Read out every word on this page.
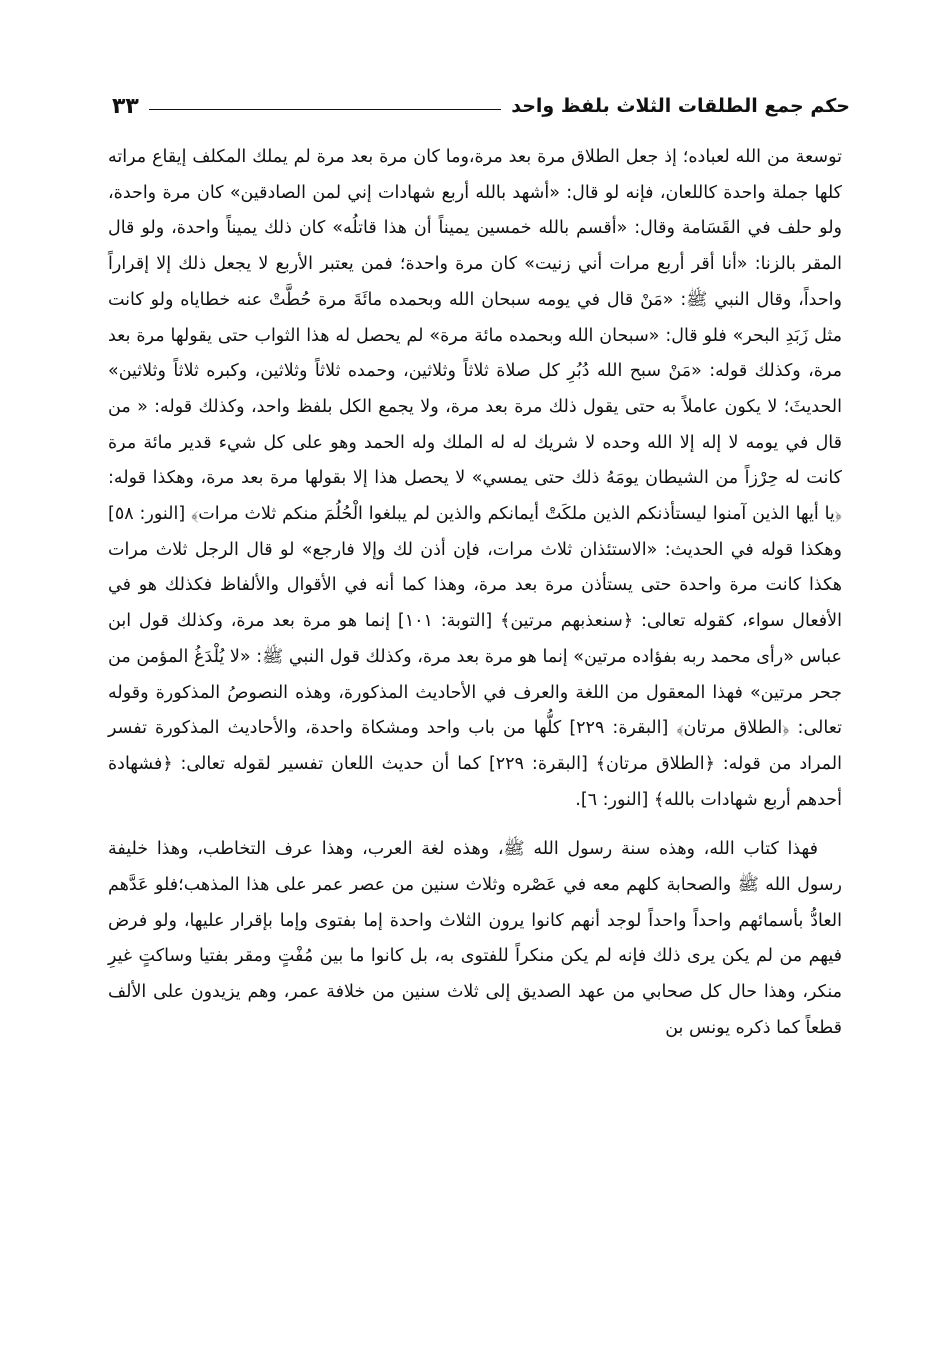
حكم جمع الطلقات الثلاث بلفظ واحد
٣٣

توسعة من الله لعباده؛ إذ جعل الطلاق مرة بعد مرة،وما كان مرة بعد مرة لم يملك المكلف إيقاع مراته كلها جملة واحدة كاللعان، فإنه لو قال: «أشهد بالله أربع شهادات إني لمن الصادقين» كان مرة واحدة، ولو حلف في القَسَامة وقال: «أقسم بالله خمسين يميناً أن هذا قاتلُه» كان ذلك يميناً واحدة، ولو قال المقر بالزنا: «أنا أقر أربع مرات أني زنيت» كان مرة واحدة؛ فمن يعتبر الأربع لا يجعل ذلك إلا إقراراً واحداً، وقال النبي ﷺ: «مَنْ قال في يومه سبحان الله وبحمده مائَةَ مرة حُطَّتْ عنه خطاياه ولو كانت مثل زَبَدِ البحر» فلو قال: «سبحان الله وبحمده مائة مرة» لم يحصل له هذا الثواب حتى يقولها مرة بعد مرة، وكذلك قوله: «مَنْ سبح الله دُبُرِ كل صلاة ثلاثاً وثلاثين، وحمده ثلاثاً وثلاثين، وكبره ثلاثاً وثلاثين» الحديثَ؛ لا يكون عاملاً به حتى يقول ذلك مرة بعد مرة، ولا يجمع الكل بلفظ واحد، وكذلك قوله: « من قال في يومه لا إله إلا الله وحده لا شريك له له الملك وله الحمد وهو على كل شيء قدير مائة مرة كانت له حِرْزاً من الشيطان يومَهُ ذلك حتى يمسي» لا يحصل هذا إلا بقولها مرة بعد مرة، وهكذا قوله: ﴿يا أيها الذين آمنوا ليستأذنكم الذين ملكَتْ أيمانكم والذين لم يبلغوا الْحُلُمَ منكم ثلاث مرات﴾ [النور: ٥٨] وهكذا قوله في الحديث: «الاستئذان ثلاث مرات، فإن أذن لك وإلا فارجع» لو قال الرجل ثلاث مرات هكذا كانت مرة واحدة حتى يستأذن مرة بعد مرة، وهذا كما أنه في الأقوال والألفاظ فكذلك هو في الأفعال سواء، كقوله تعالى: ﴿سنعذبهم مرتين﴾ [التوبة: ١٠١] إنما هو مرة بعد مرة، وكذلك قول ابن عباس «رأى محمد ربه بفؤاده مرتين» إنما هو مرة بعد مرة، وكذلك قول النبي ﷺ: «لا يُلْدَغُ المؤمن من جحر مرتين» فهذا المعقول من اللغة والعرف في الأحاديث المذكورة، وهذه النصوصُ المذكورة وقوله تعالى: ﴿الطلاق مرتان﴾ [البقرة: ٢٢٩] كلُّها من باب واحد ومشكاة واحدة، والأحاديث المذكورة تفسر المراد من قوله: ﴿الطلاق مرتان﴾ [البقرة: ٢٢٩] كما أن حديث اللعان تفسير لقوله تعالى: ﴿فشهادة أحدهم أربع شهادات بالله﴾ [النور: ٦].

فهذا كتاب الله، وهذه سنة رسول الله ﷺ، وهذه لغة العرب، وهذا عرف التخاطب، وهذا خليفة رسول الله ﷺ والصحابة كلهم معه في عَصْره وثلاث سنين من عصر عمر على هذا المذهب؛فلو عَدَّهم العادُّ بأسمائهم واحداً واحداً لوجد أنهم كانوا يرون الثلاث واحدة إما بفتوى وإما بإقرار عليها، ولو فرض فيهم من لم يكن يرى ذلك فإنه لم يكن منكراً للفتوى به، بل كانوا ما بين مُفْتٍ ومقر بفتيا وساكتٍ غيرِ منكر، وهذا حال كل صحابي من عهد الصديق إلى ثلاث سنين من خلافة عمر، وهم يزيدون على الألف قطعاً كما ذكره يونس بن
